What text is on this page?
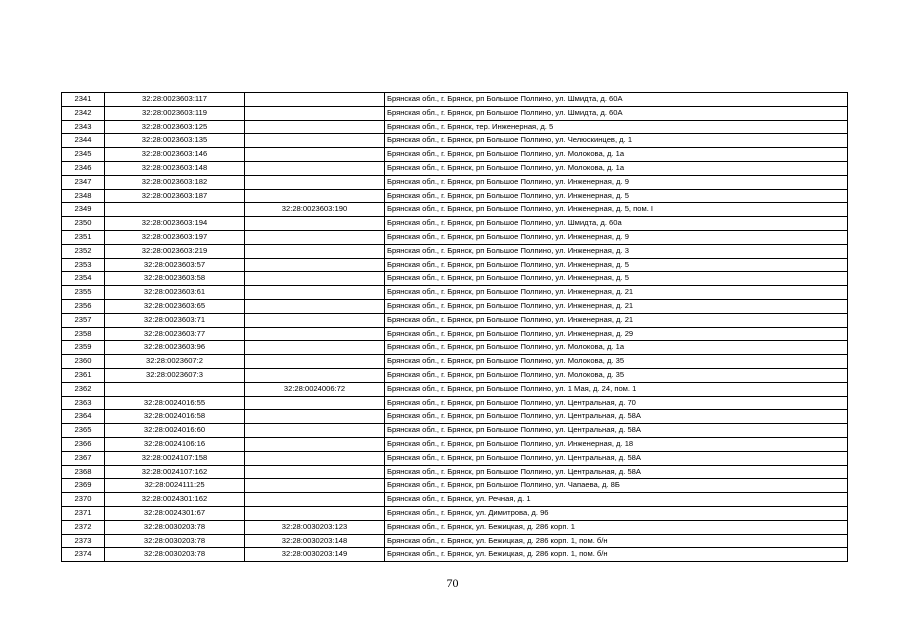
2341	32:28:0023603:117		Брянская обл., г. Брянск, рп Большое Полпино, ул. Шмидта, д. 60А
2342	32:28:0023603:119		Брянская обл., г. Брянск, рп Большое Полпино, ул. Шмидта, д. 60А
2343	32:28:0023603:125		Брянская обл., г. Брянск, тер. Инженерная, д. 5
2344	32:28:0023603:135		Брянская обл., г. Брянск, рп Большое Полпино, ул. Челюскинцев, д. 1
2345	32:28:0023603:146		Брянская обл., г. Брянск, рп Большое Полпино, ул. Молокова, д. 1а
2346	32:28:0023603:148		Брянская обл., г. Брянск, рп Большое Полпино, ул. Молокова, д. 1а
2347	32:28:0023603:182		Брянская обл., г. Брянск, рп Большое Полпино, ул. Инженерная, д. 9
2348	32:28:0023603:187		Брянская обл., г. Брянск, рп Большое Полпино, ул. Инженерная, д. 5
2349		32:28:0023603:190	Брянская обл., г. Брянск, рп Большое Полпино, ул. Инженерная, д. 5, пом. I
2350	32:28:0023603:194		Брянская обл., г. Брянск, рп Большое Полпино, ул. Шмидта, д. 60а
2351	32:28:0023603:197		Брянская обл., г. Брянск, рп Большое Полпино, ул. Инженерная, д. 9
2352	32:28:0023603:219		Брянская обл., г. Брянск, рп Большое Полпино, ул. Инженерная, д. 3
2353	32:28:0023603:57		Брянская обл., г. Брянск, рп Большое Полпино, ул. Инженерная, д. 5
2354	32:28:0023603:58		Брянская обл., г. Брянск, рп Большое Полпино, ул. Инженерная, д. 5
2355	32:28:0023603:61		Брянская обл., г. Брянск, рп Большое Полпино, ул. Инженерная, д. 21
2356	32:28:0023603:65		Брянская обл., г. Брянск, рп Большое Полпино, ул. Инженерная, д. 21
2357	32:28:0023603:71		Брянская обл., г. Брянск, рп Большое Полпино, ул. Инженерная, д. 21
2358	32:28:0023603:77		Брянская обл., г. Брянск, рп Большое Полпино, ул. Инженерная, д. 29
2359	32:28:0023603:96		Брянская обл., г. Брянск, рп Большое Полпино, ул. Молокова, д. 1а
2360	32:28:0023607:2		Брянская обл., г. Брянск, рп Большое Полпино, ул. Молокова, д. 35
2361	32:28:0023607:3		Брянская обл., г. Брянск, рп Большое Полпино, ул. Молокова, д. 35
2362		32:28:0024006:72	Брянская обл., г. Брянск, рп Большое Полпино, ул. 1 Мая, д. 24, пом. 1
2363	32:28:0024016:55		Брянская обл., г. Брянск, рп Большое Полпино, ул. Центральная, д. 70
2364	32:28:0024016:58		Брянская обл., г. Брянск, рп Большое Полпино, ул. Центральная, д. 58А
2365	32:28:0024016:60		Брянская обл., г. Брянск, рп Большое Полпино, ул. Центральная, д. 58А
2366	32:28:0024106:16		Брянская обл., г. Брянск, рп Большое Полпино, ул. Инженерная, д. 18
2367	32:28:0024107:158		Брянская обл., г. Брянск, рп Большое Полпино, ул. Центральная, д. 58А
2368	32:28:0024107:162		Брянская обл., г. Брянск, рп Большое Полпино, ул. Центральная, д. 58А
2369	32:28:0024111:25		Брянская обл., г. Брянск, рп Большое Полпино, ул. Чапаева, д. 8Б
2370	32:28:0024301:162		Брянская обл., г. Брянск, ул. Речная, д. 1
2371	32:28:0024301:67		Брянская обл., г. Брянск, ул. Димитрова, д. 96
2372	32:28:0030203:78	32:28:0030203:123	Брянская обл., г. Брянск, ул. Бежицкая, д. 286 корп. 1
2373	32:28:0030203:78	32:28:0030203:148	Брянская обл., г. Брянск, ул. Бежицкая, д. 286 корп. 1, пом. б/н
2374	32:28:0030203:78	32:28:0030203:149	Брянская обл., г. Брянск, ул. Бежицкая, д. 286 корп. 1, пом. б/н
70
